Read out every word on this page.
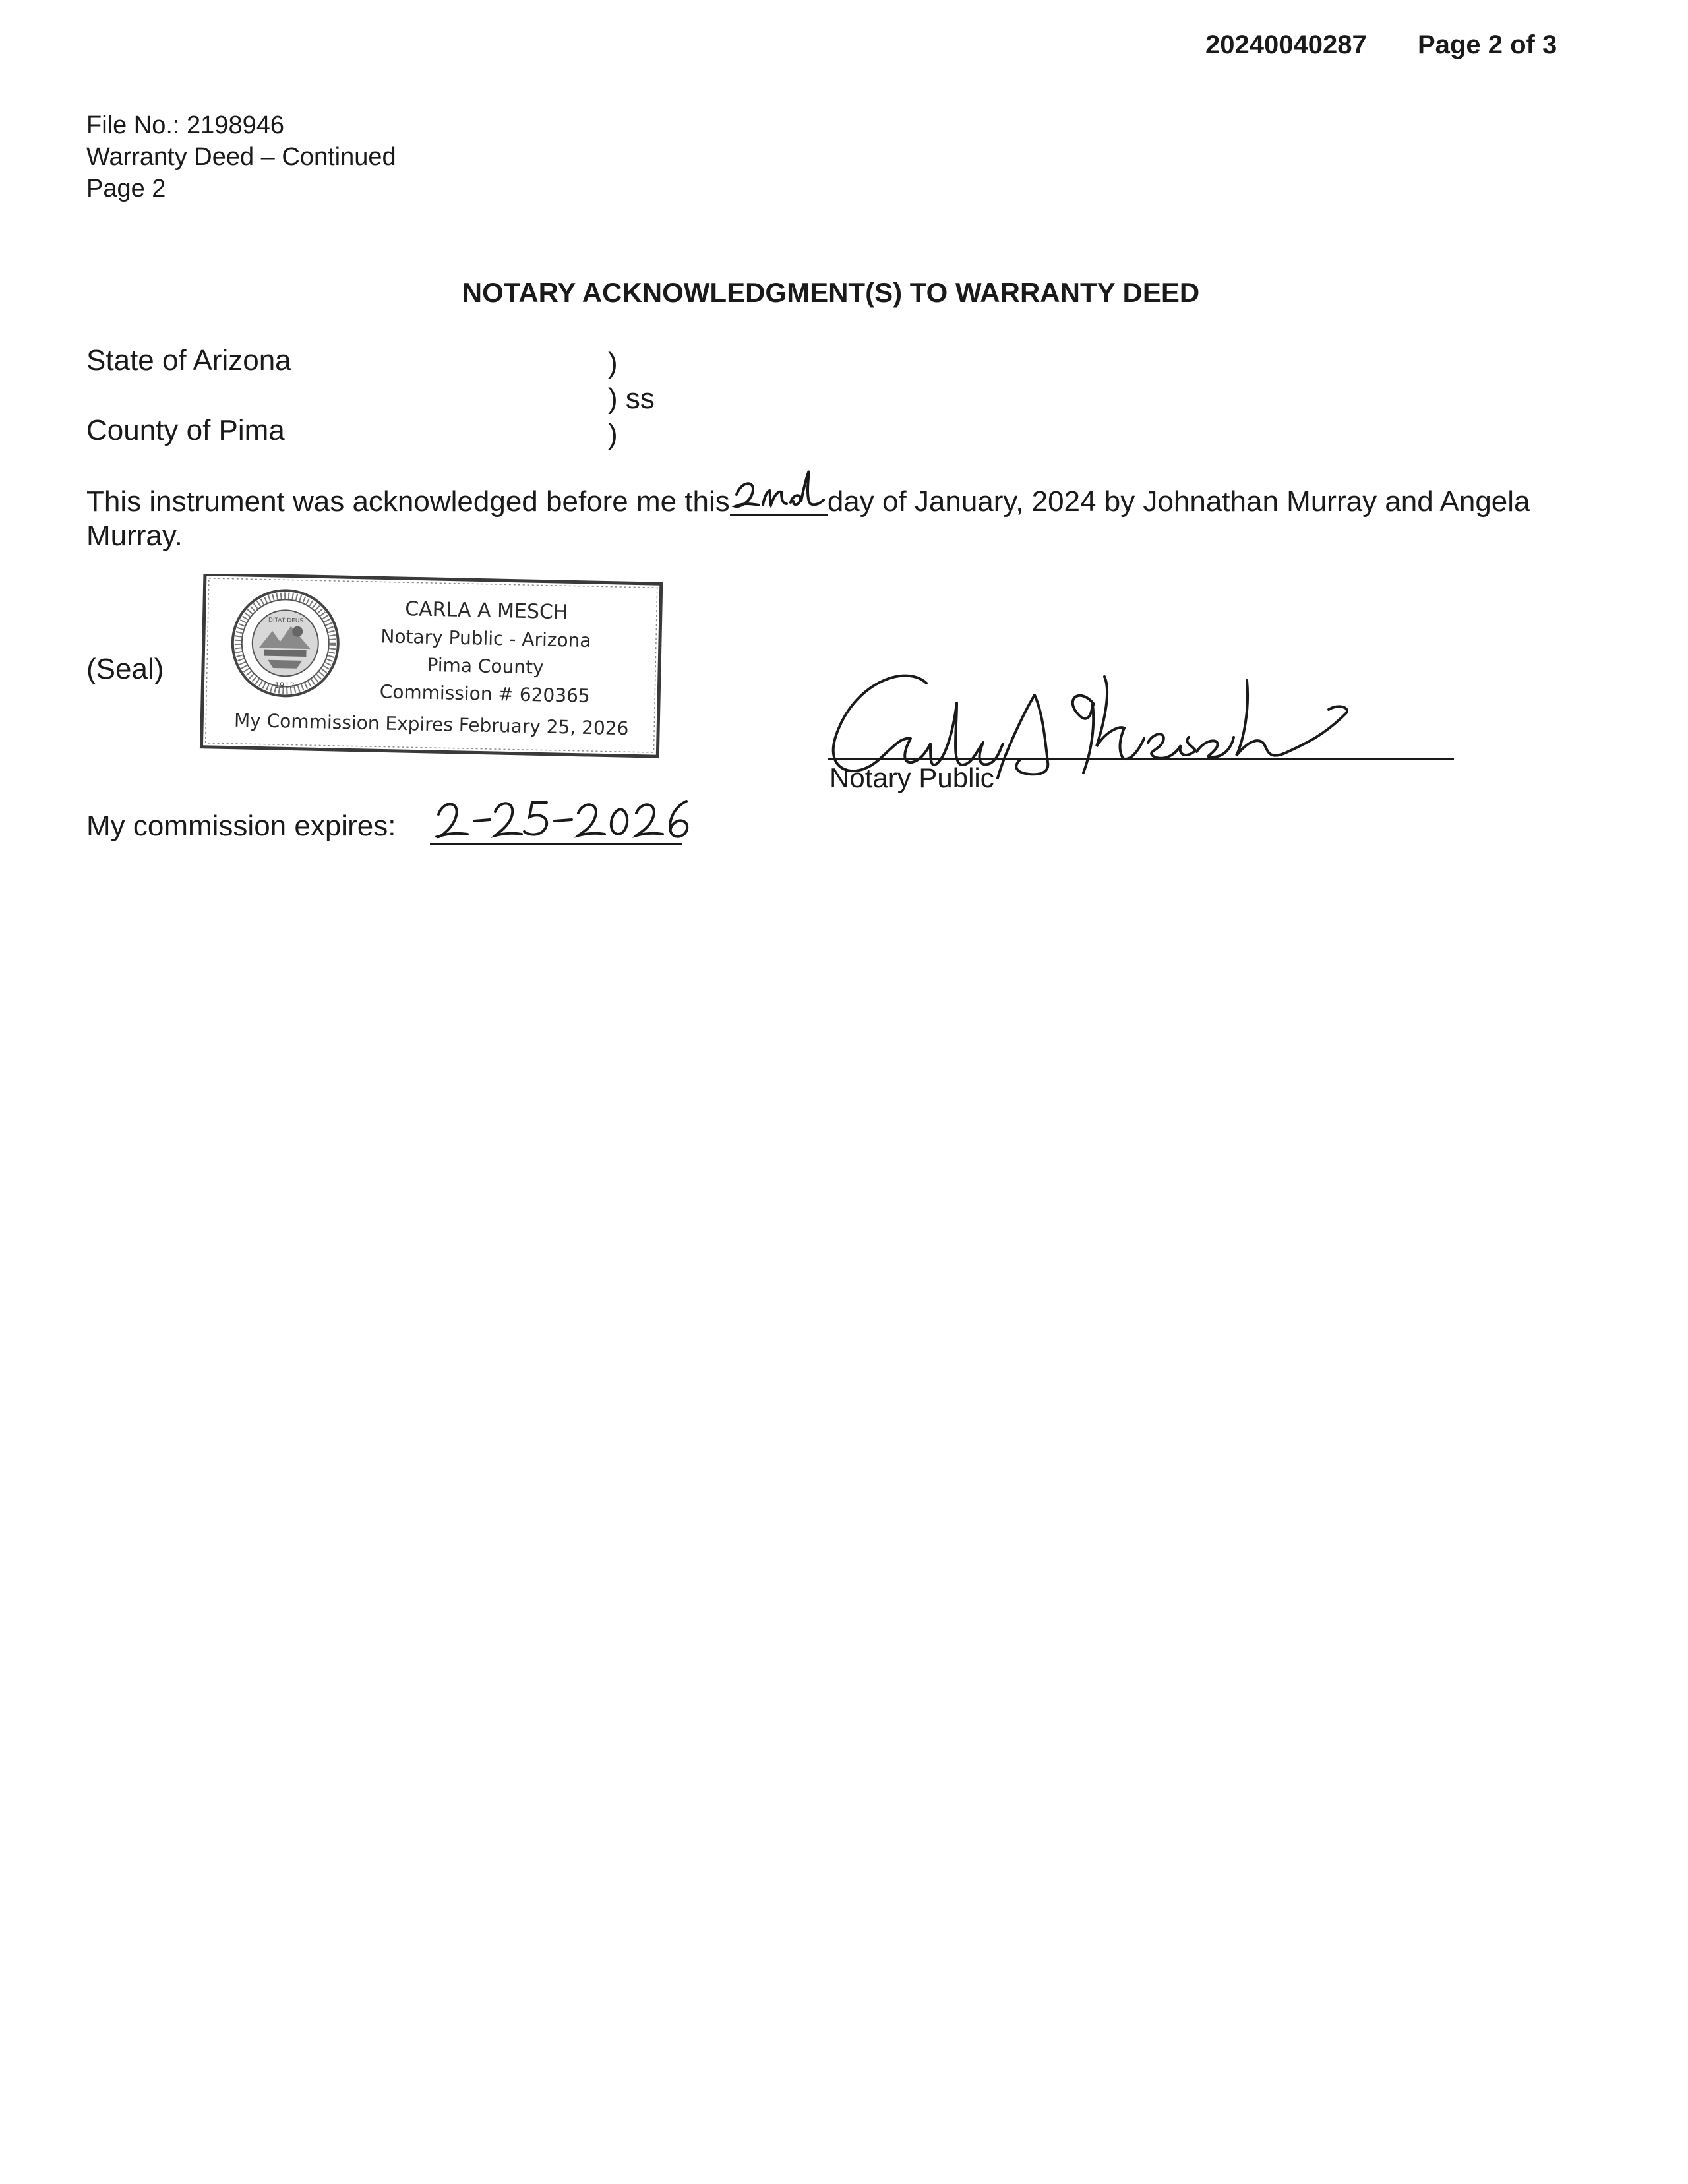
20240040287 Page 2 of 3
File No.: 2198946
Warranty Deed – Continued
Page 2
NOTARY ACKNOWLEDGMENT(S) TO WARRANTY DEED
State of Arizona
County of Pima
)
) ss
)
This instrument was acknowledged before me this	day of January, 2024 by Johnathan Murray and Angela Murray.
(Seal)
DITAT DEUS
1912
CARLA A MESCH
Notary Public - Arizona
Pima County
Commission # 620365
My Commission Expires February 25, 2026
Notary Public
My commission expires:
